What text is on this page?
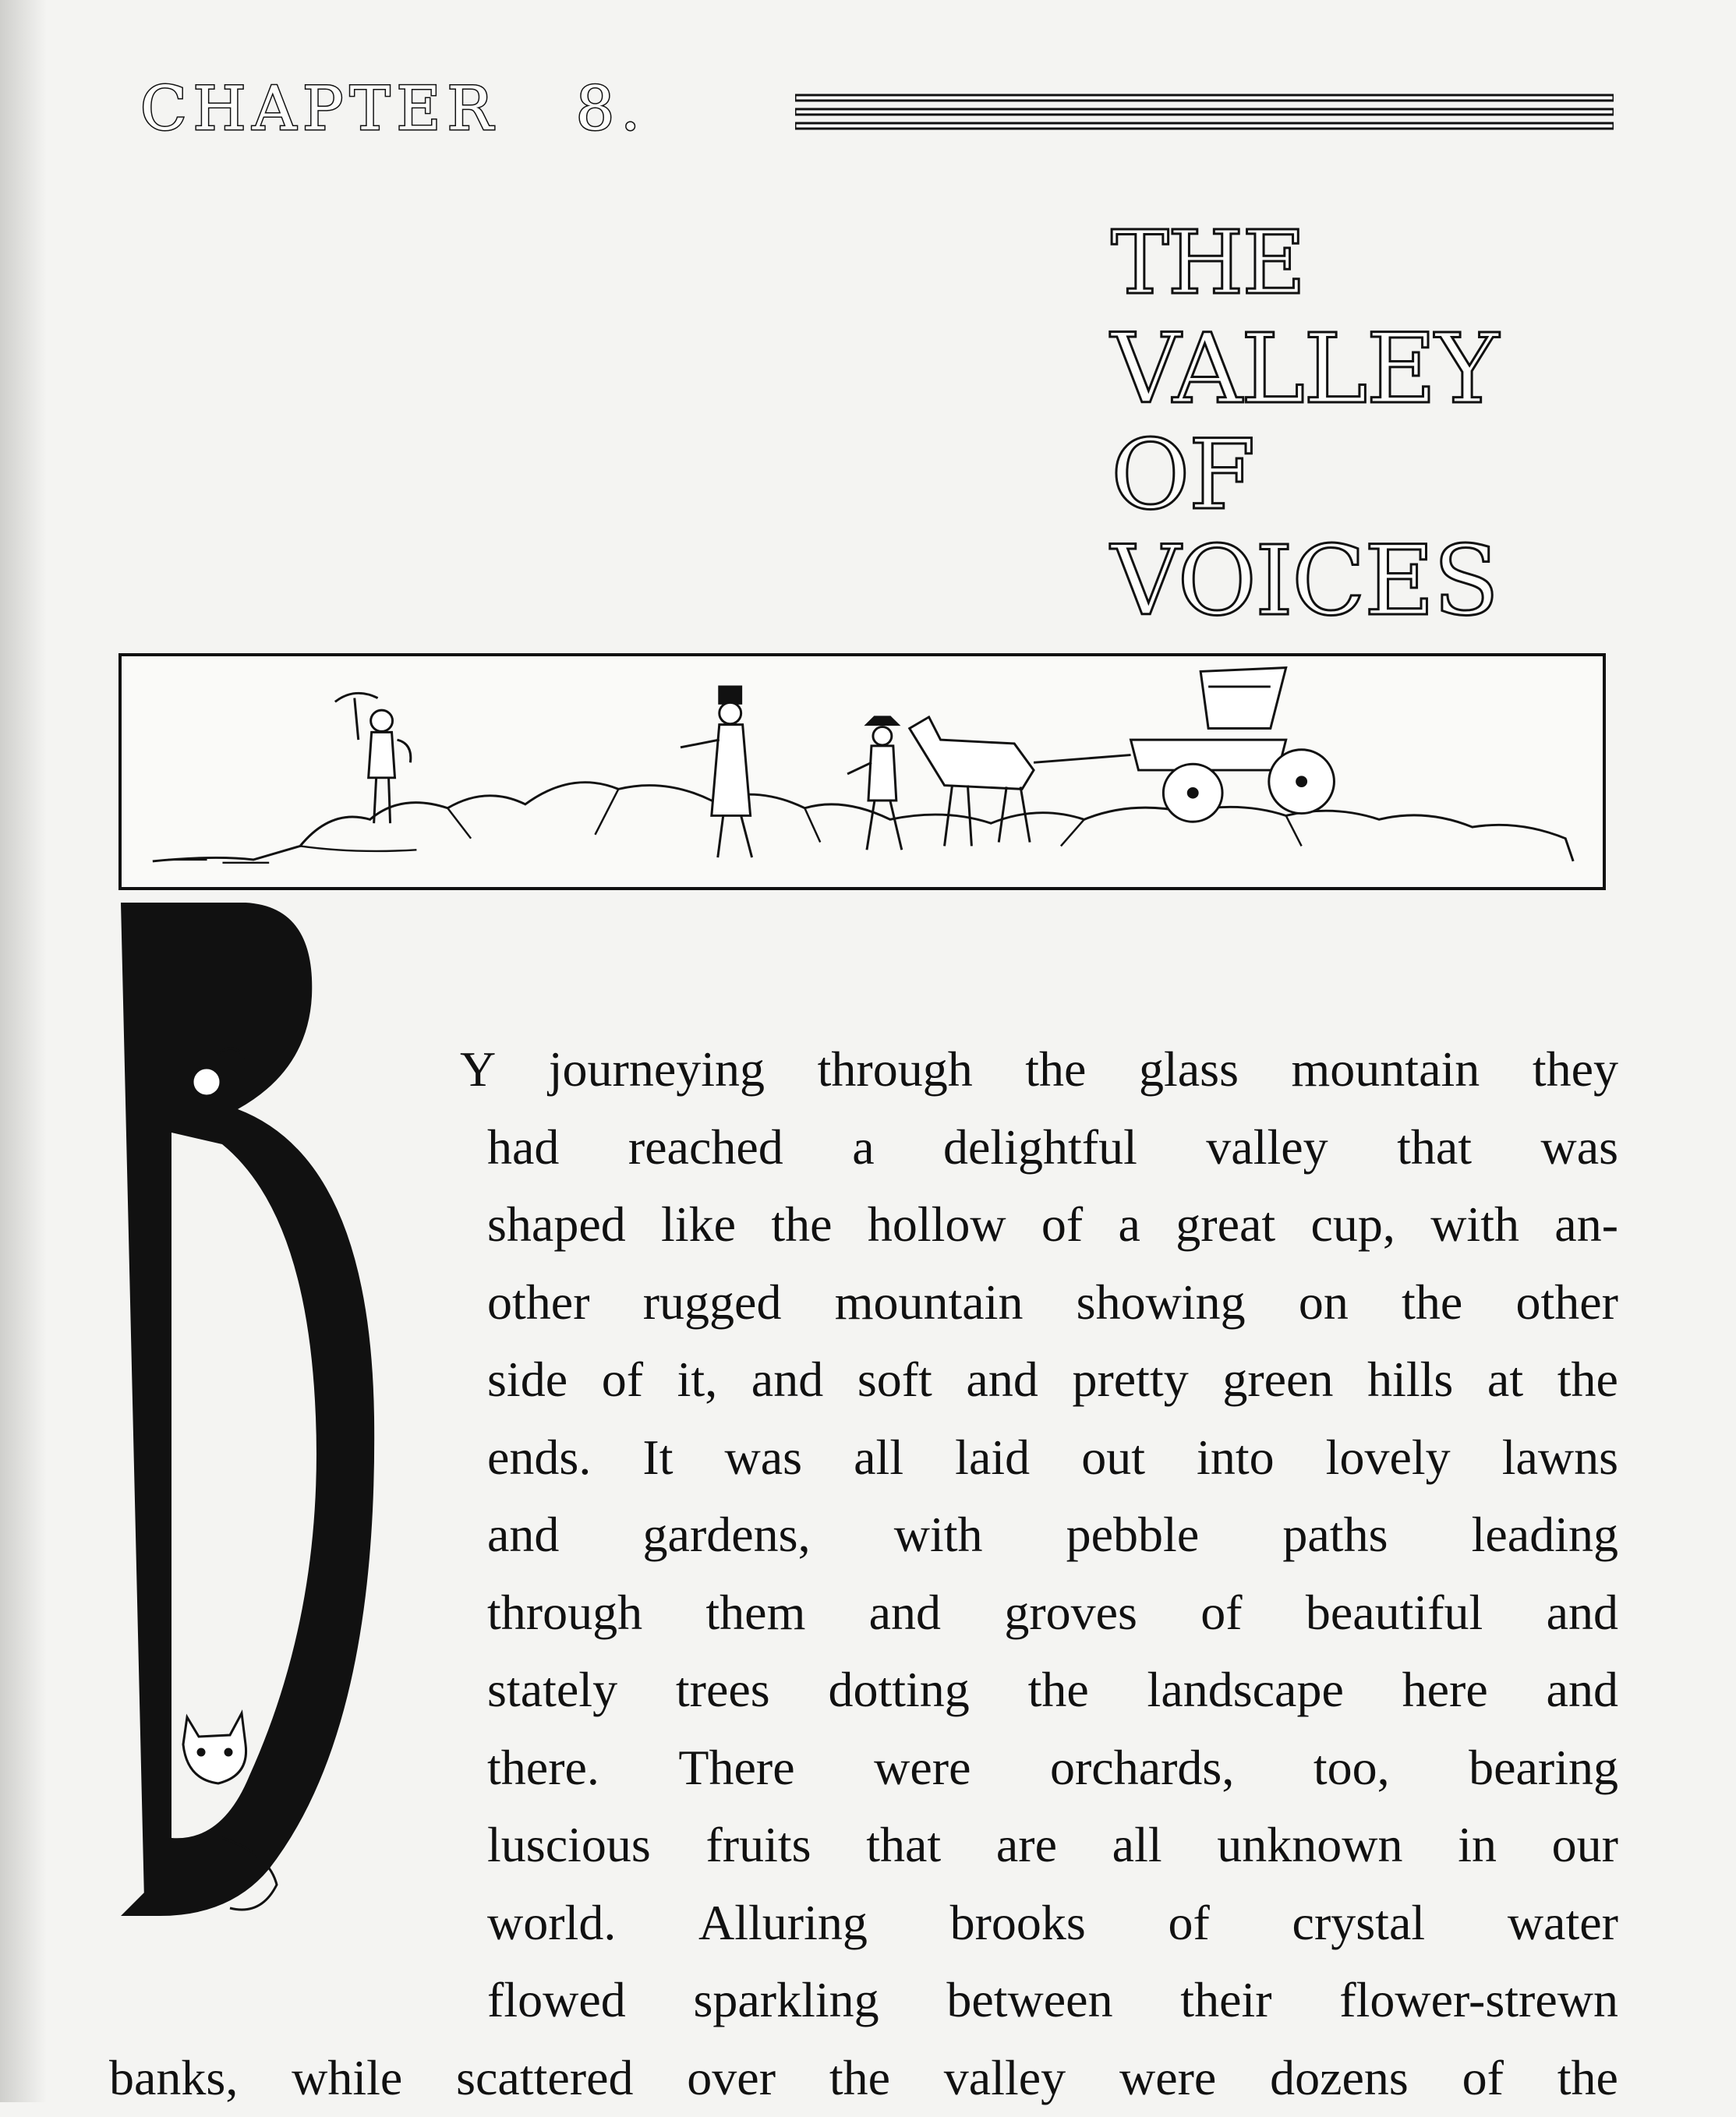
CHAPTER 8.
THE
VALLEY
OF
VOICES
Y journeying through the glass mountain they
had reached a delightful valley that was
shaped like the hollow of a great cup, with an-
other rugged mountain showing on the other
side of it, and soft and pretty green hills at the
ends. It was all laid out into lovely lawns
and gardens, with pebble paths leading
through them and groves of beautiful and
stately trees dotting the landscape here and
there. There were orchards, too, bearing
luscious fruits that are all unknown in our
world. Alluring brooks of crystal water
flowed sparkling between their flower-strewn
banks, while scattered over the valley were dozens of the
